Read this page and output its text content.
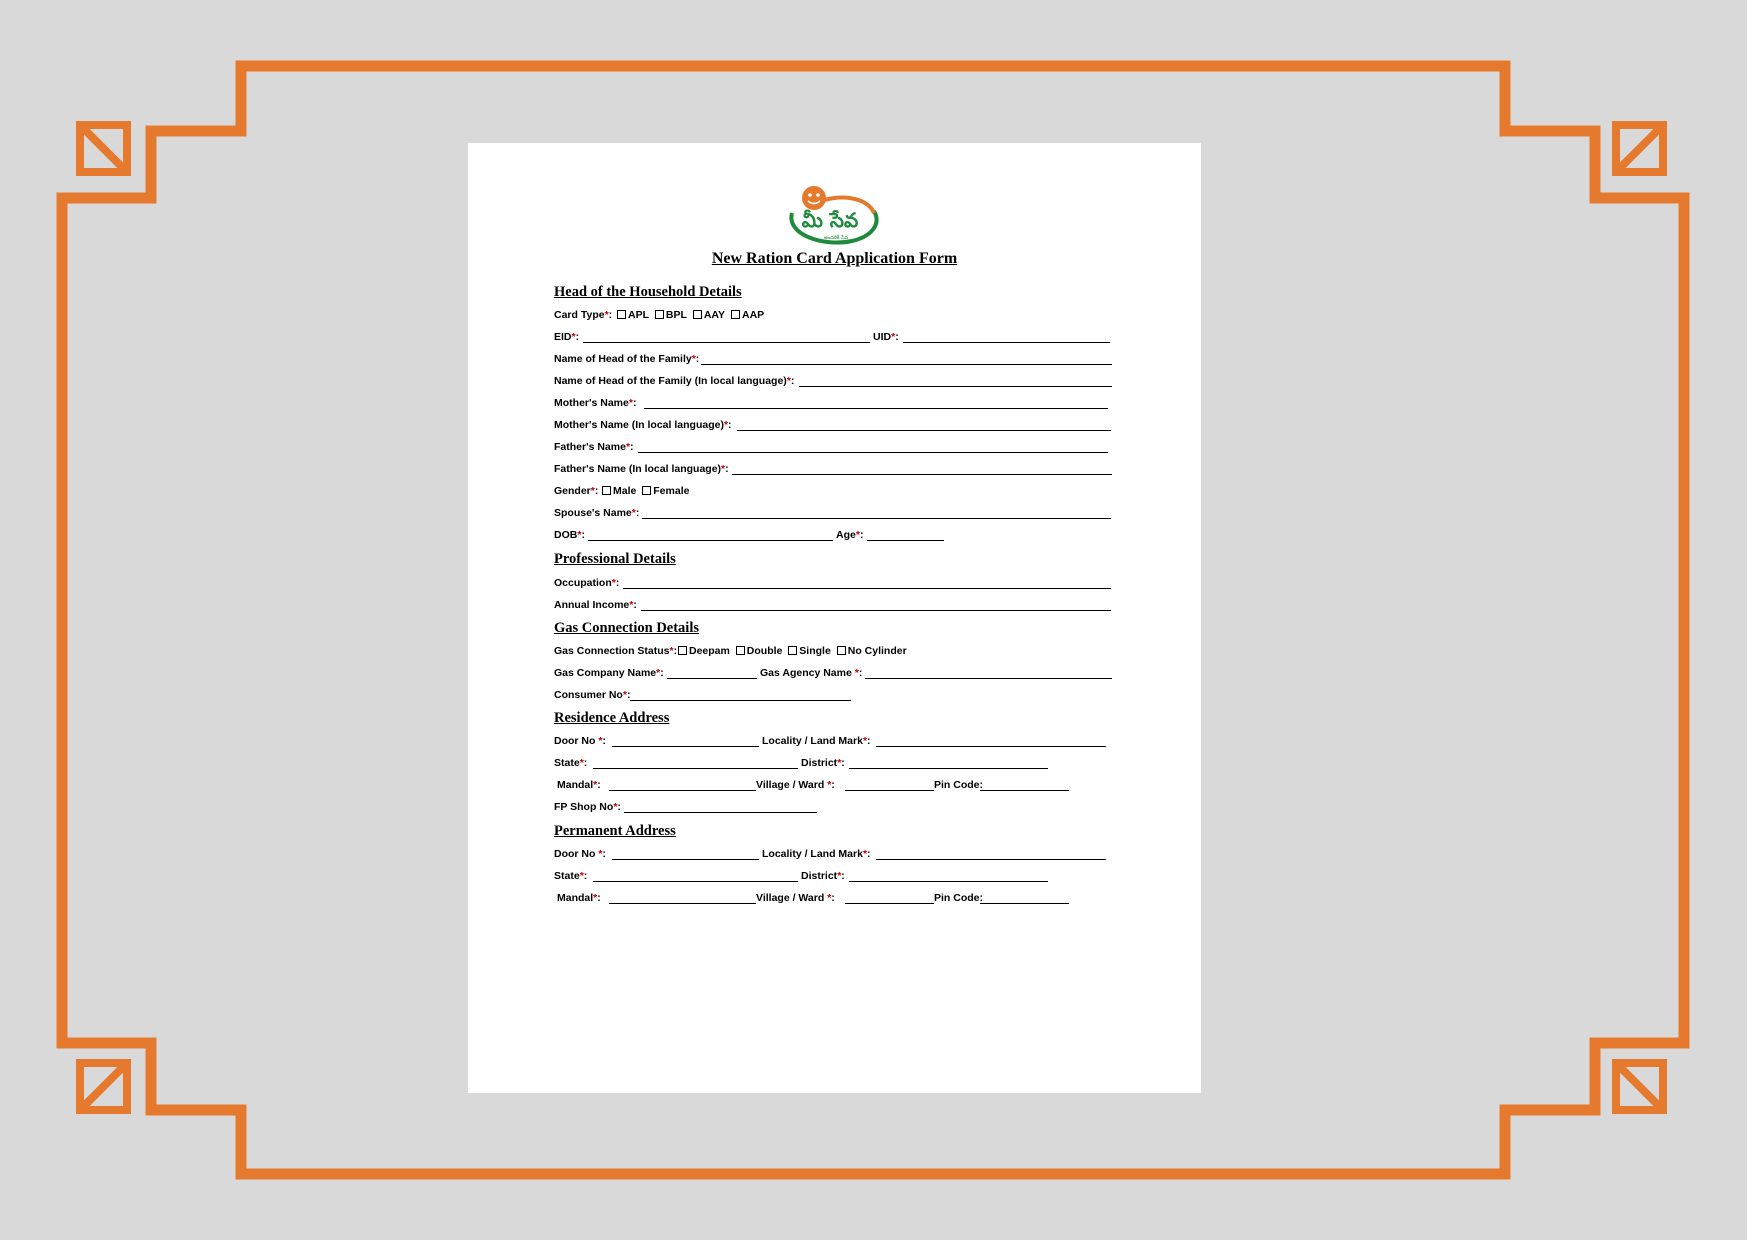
మీ సేవ
అందరికీ సేవ
New Ration Card Application Form
Head of the Household Details
Card Type*:	APL BPL AAY AAP
EID*:	UID*:
Name of Head of the Family*:
Name of Head of the Family (In local language)*:
Mother's Name*:
Mother's Name (In local language)*:
Father's Name*:
Father's Name (In local language)*:
Gender*:	Male Female
Spouse's Name*:
DOB*:	Age*:
Professional Details
Occupation*:
Annual Income*:
Gas Connection Details
Gas Connection Status*:	Deepam Double Single No Cylinder
Gas Company Name*:	Gas Agency Name *:
Consumer No*:
Residence Address
Door No *:	Locality / Land Mark*:
State*:	District*:
Mandal*:	Village / Ward *:	Pin Code:
FP Shop No*:
Permanent Address
Door No *:	Locality / Land Mark*:
State*:	District*:
Mandal*:	Village / Ward *:	Pin Code:
